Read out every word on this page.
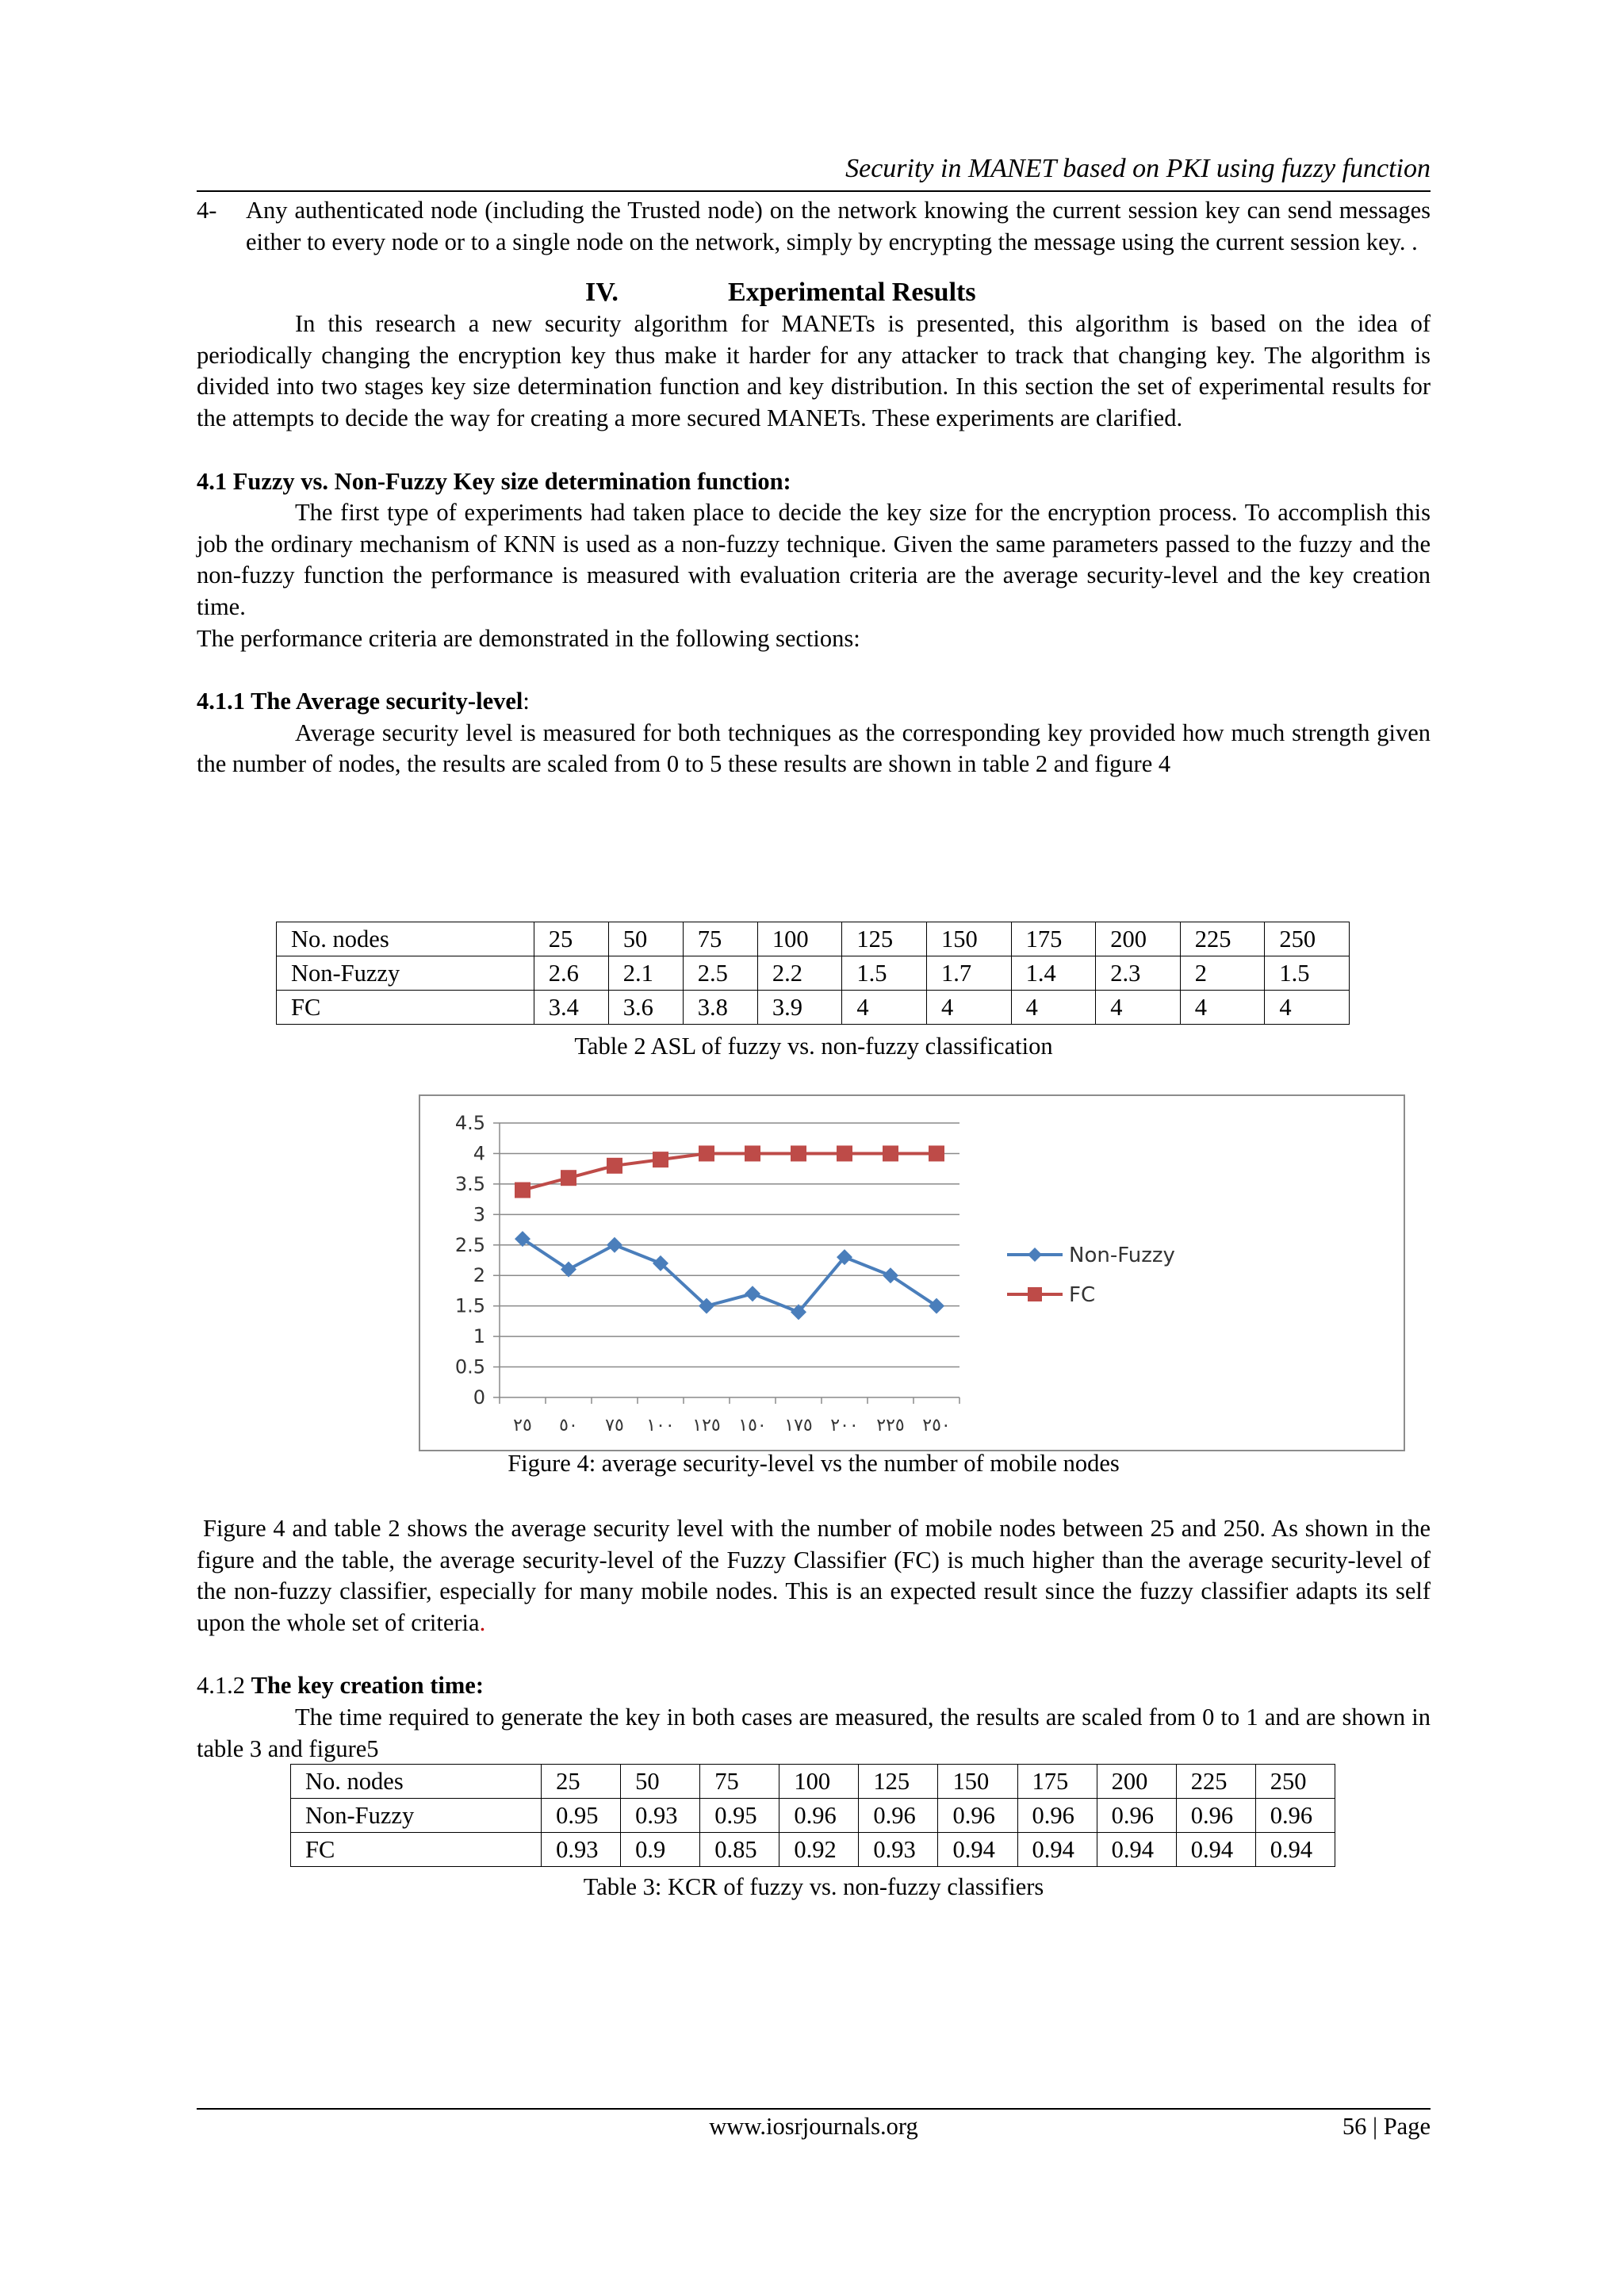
Security in MANET based on PKI using fuzzy function
4- Any authenticated node (including the Trusted node) on the network knowing the current session key can send messages either to every node or to a single node on the network, simply by encrypting the message using the current session key. .
IV.	Experimental Results

In this research a new security algorithm for MANETs is presented, this algorithm is based on the idea of periodically changing the encryption key thus make it harder for any attacker to track that changing key. The algorithm is divided into two stages key size determination function and key distribution. In this section the set of experimental results for the attempts to decide the way for creating a more secured MANETs. These experiments are clarified.

4.1 Fuzzy vs. Non-Fuzzy Key size determination function:

The first type of experiments had taken place to decide the key size for the encryption process. To accomplish this job the ordinary mechanism of KNN is used as a non-fuzzy technique. Given the same parameters passed to the fuzzy and the non-fuzzy function the performance is measured with evaluation criteria are the average security-level and the key creation time.

The performance criteria are demonstrated in the following sections:

4.1.1 The Average security-level:

Average security level is measured for both techniques as the corresponding key provided how much strength given the number of nodes, the results are scaled from 0 to 5 these results are shown in table 2 and figure 4

No. nodes	25	50	75	100	125	150	175	200	225	250
Non-Fuzzy	2.6	2.1	2.5	2.2	1.5	1.7	1.4	2.3	2	1.5
FC	3.4	3.6	3.8	3.9	4	4	4	4	4	4

Table 2 ASL of fuzzy vs. non-fuzzy classification

0
0.5
1
1.5
2
2.5
3
3.5
4
4.5
٢٥ ٥٠ ٧٥ ١٠٠ ١٢٥ ١٥٠ ١٧٥ ٢٠٠ ٢٢٥ ٢٥٠
Non-Fuzzy
FC

Figure 4: average security-level vs the number of mobile nodes

Figure 4 and table 2 shows the average security level with the number of mobile nodes between 25 and 250. As shown in the figure and the table, the average security-level of the Fuzzy Classifier (FC) is much higher than the average security-level of the non-fuzzy classifier, especially for many mobile nodes. This is an expected result since the fuzzy classifier adapts its self upon the whole set of criteria.

4.1.2 The key creation time:

The time required to generate the key in both cases are measured, the results are scaled from 0 to 1 and are shown in table 3 and figure5

No. nodes	25	50	75	100	125	150	175	200	225	250
Non-Fuzzy	0.95	0.93	0.95	0.96	0.96	0.96	0.96	0.96	0.96	0.96
FC	0.93	0.9	0.85	0.92	0.93	0.94	0.94	0.94	0.94	0.94

Table 3: KCR of fuzzy vs. non-fuzzy classifiers

www.iosrjournals.org	56 | Page
